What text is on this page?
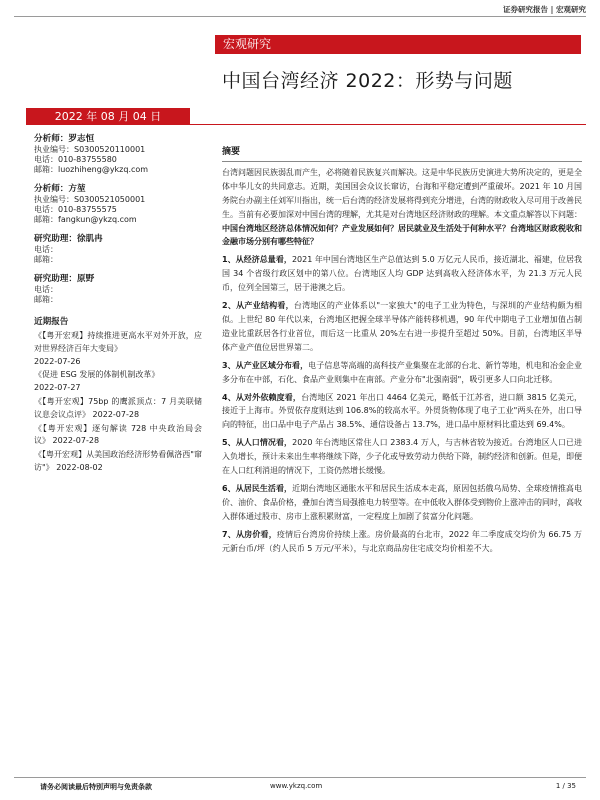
证券研究报告 | 宏观研究
宏观研究
中国台湾经济 2022：形势与问题
2022 年 08 月 04 日
分析师：罗志恒
执业编号：S0300520110001
电话：010-83755580
邮箱：luozhiheng@ykzq.com
分析师：方堃
执业编号：S0300521050001
电话：010-83755575
邮箱：fangkun@ykzq.com
研究助理：徐肌冉
电话：
邮箱：
研究助理：原野
电话：
邮箱：
近期报告
《【粤开宏观】持续推进更高水平对外开放，应对世界经济百年大变局》
2022-07-26
《促进 ESG 发展的体制机制改革》
2022-07-27
《【粤开宏观】75bp 的鹰派顶点：7 月美联储议息会议点评》 2022-07-28
《【粤开宏观】逐句解读 728 中央政治局会议》 2022-07-28
《【粤开宏观】从美国政治经济形势看佩洛西"窜访"》 2022-08-02
摘要

台湾问题因民族弱乱而产生，必将随着民族复兴而解决。这是中华民族历史演进大势所决定的，更是全体中华儿女的共同意志。近期，美国国会众议长窜访，台海和平稳定遭到严重破坏。2021 年 10 月国务院台办副主任刘军川指出，统一后台湾的经济发展将得到充分增进，台湾的财政收入尽可用于改善民生。当前有必要加深对中国台湾的理解，尤其是对台湾地区经济财政的理解。本文重点解答以下问题：中国台湾地区经济总体情况如何？产业发展如何？居民就业及生活处于何种水平？台湾地区财政税收和金融市场分别有哪些特征？

1、从经济总量看，2021 年中国台湾地区生产总值达到 5.0 万亿元人民币，接近湖北、福建，位居我国 34 个省级行政区划中的第八位。台湾地区人均 GDP 达到高收入经济体水平，为 21.3 万元人民币，位列全国第三，居于港澳之后。

2、从产业结构看，台湾地区的产业体系以"一家独大"的电子工业为特色，与深圳的产业结构颇为相似。上世纪 80 年代以来，台湾地区把握全球半导体产能转移机遇，90 年代中期电子工业增加值占制造业比重跃居各行业首位，而后这一比重从 20%左右进一步提升至超过 50%。目前，台湾地区半导体产业产值位居世界第二。

3、从产业区域分布看，电子信息等高端的高科技产业集聚在北部的台北、新竹等地，机电和冶金企业多分布在中部，石化、食品产业则集中在南部。产业分布"北强南弱"，吸引更多人口向北迁移。

4、从对外依赖度看，台湾地区 2021 年出口 4464 亿美元，略低于江苏省，进口额 3815 亿美元，接近于上海市。外贸依存度则达到 106.8%的较高水平。外贸货物体现了电子工业"两头在外，出口导向的特征，出口品中电子产品占 38.5%、通信设备占 13.7%，进口品中原材料比重达到 69.4%。

5、从人口情况看，2020 年台湾地区常住人口 2383.4 万人，与吉林省较为接近。台湾地区人口已进入负增长，预计未来出生率将继续下降，少子化或导致劳动力供给下降，制约经济和创新。但是，即便在人口红利消退的情况下，工资仍然增长缓慢。

6、从居民生活看，近期台湾地区通胀水平和居民生活成本走高，原因包括俄乌局势、全球疫情推高电价、油价、食品价格，叠加台湾当局强推电力转型等。在中低收入群体受到物价上涨冲击的同时，高收入群体通过股市、房市上涨积累财富，一定程度上加剧了贫富分化问题。

7、从房价看，疫情后台湾房价持续上涨。房价最高的台北市，2022 年二季度成交均价为 66.75 万元新台币/坪（约人民币 5 万元/平米），与北京商品房住宅成交均价相差不大。

请务必阅读最后特别声明与免责条款	www.ykzq.com	1 / 35
